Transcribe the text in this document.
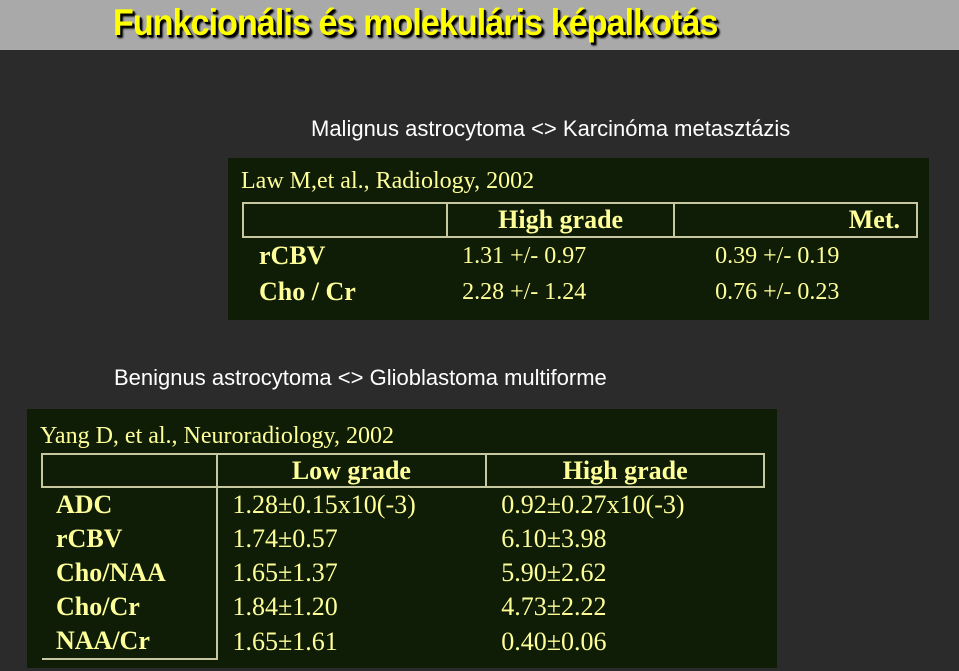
Funkcionális és molekuláris képalkotás
Malignus astrocytoma <> Karcinóma metasztázis
Law M,et al., Radiology, 2002
	High grade	Met.
rCBV	1.31 +/- 0.97	0.39 +/- 0.19
Cho / Cr	2.28 +/- 1.24	0.76 +/- 0.23
Benignus astrocytoma <> Glioblastoma multiforme
Yang D, et al., Neuroradiology, 2002
	Low grade	High grade
ADC	1.28±0.15x10(-3)	0.92±0.27x10(-3)
rCBV	1.74±0.57	6.10±3.98
Cho/NAA	1.65±1.37	5.90±2.62
Cho/Cr	1.84±1.20	4.73±2.22
NAA/Cr	1.65±1.61	0.40±0.06
